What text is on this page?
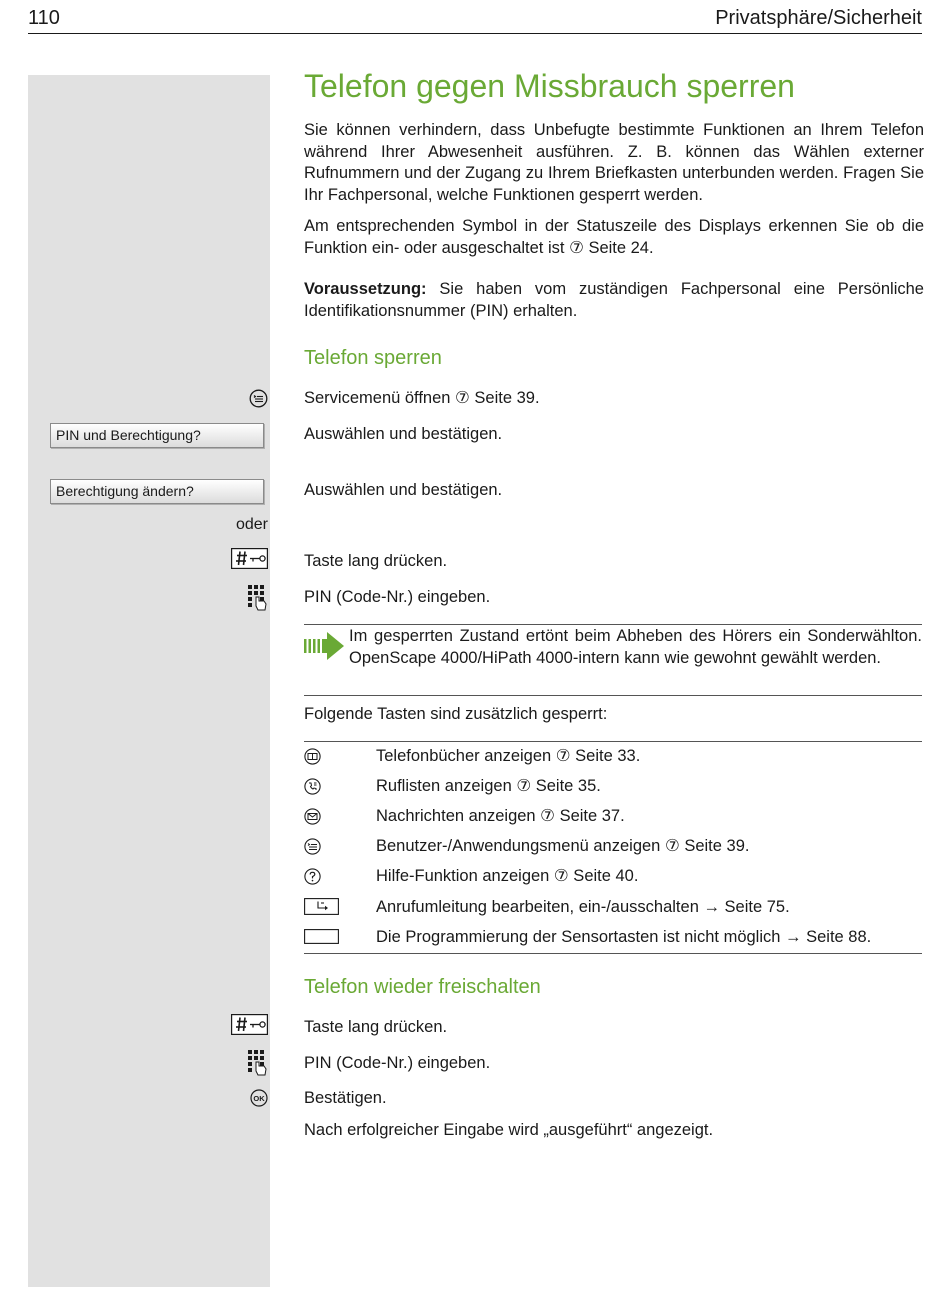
110	Privatsphäre/Sicherheit
Telefon gegen Missbrauch sperren
Sie können verhindern, dass Unbefugte bestimmte Funktionen an Ihrem Telefon während Ihrer Abwesenheit ausführen. Z. B. können das Wählen externer Rufnummern und der Zugang zu Ihrem Briefkasten unterbunden werden. Fragen Sie Ihr Fachpersonal, welche Funktionen gesperrt werden.
Am entsprechenden Symbol in der Statuszeile des Displays erkennen Sie ob die Funktion ein- oder ausgeschaltet ist ⑦ Seite 24.
Voraussetzung: Sie haben vom zuständigen Fachpersonal eine Persönliche Identifikationsnummer (PIN) erhalten.
Telefon sperren
Servicemenü öffnen ⑦ Seite 39.
PIN und Berechtigung?	Auswählen und bestätigen.
Berechtigung ändern?	Auswählen und bestätigen.
oder
Taste lang drücken.
PIN (Code-Nr.) eingeben.
Im gesperrten Zustand ertönt beim Abheben des Hörers ein Sonderwählton. OpenScape 4000/HiPath 4000-intern kann wie gewohnt gewählt werden.
Folgende Tasten sind zusätzlich gesperrt:
Telefonbücher anzeigen ⑦ Seite 33.
Ruflisten anzeigen ⑦ Seite 35.
Nachrichten anzeigen ⑦ Seite 37.
Benutzer-/Anwendungsmenü anzeigen ⑦ Seite 39.
Hilfe-Funktion anzeigen ⑦ Seite 40.
Anrufumleitung bearbeiten, ein-/ausschalten → Seite 75.
Die Programmierung der Sensortasten ist nicht möglich → Seite 88.
Telefon wieder freischalten
Taste lang drücken.
PIN (Code-Nr.) eingeben.
OK Bestätigen.
Nach erfolgreicher Eingabe wird „ausgeführt“ angezeigt.
